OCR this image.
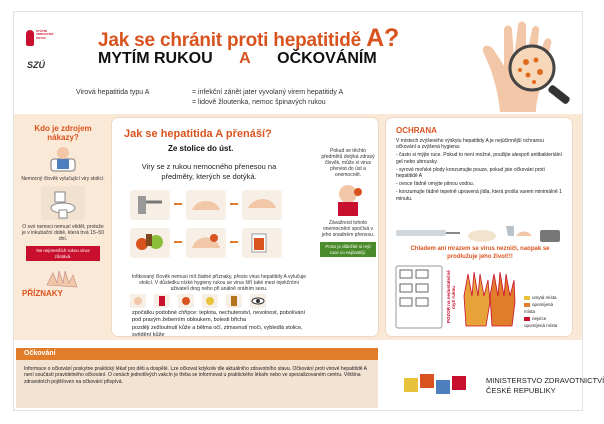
STÁTNÍ ZDRAVOTNÍ ÚSTAV
SZÚ
Jak se chránit proti hepatitidě A?
MYTÍM RUKOU A OČKOVÁNÍM
Virová hepatitida typu A	= infekční zánět jater vyvolaný virem hepatitidy A
= lidově žloutenka, nemoc špinavých rukou
Kdo je zdrojem nákazy?
Nemocný člověk vylučující viry stolicí.
O své nemoci nemusí vědět, protože je v inkubační době, která trvá 15–50 dní.
Ne nejmenších rukou virus zůstává.
PŘÍZNAKY
Jak se hepatitida A přenáší?
Ze stolice do úst.
Viry se z rukou nemocného přenesou na předměty, kterých se dotýká.
Pokud se těchto předmětů dotýká zdravý člověk, může si virus přenést do úst a onemocnět.
Závažnost tohoto onemocnění spočívá v jeho snadném přenosu.
Proto je důležité si mýt ruce co nejčastěji.
Infikovaný člověk nemusí mít žádné příznaky, přesto virus hepatitidy A vylučuje stolicí. V důsledku nízké hygieny rukou se virus šíří také mezi injekčními uživateli drog nebo při análně orálním sexu.
zpočátku podobné chřipce: teplota, nechutenství, nevolnost, pobolívání pod pravým žeberním obloukem, bolesti břicha
později zežloutnutí kůže a bělma očí, ztmavnutí moči, vybledlá stolice, svědění kůže
OCHRANA
V místech zvýšeného výskytu hepatitidy A je nejúčinnější ochranou očkování a zvýšená hygiena:
- často si mýjte ruce. Pokud to není možné, použijte alespoň antibakteriální gel nebo ubrousky.
- syrové mořské plody konzumujte pouze, pokud jste očkováni proti hepatitidě A
- ovoce řádně omyjte pitnou vodou.
- konzumujte řádně tepelně upravená jídla, která prošla varem minimálně 1 minutu.
Chladem ani mrazem se virus nezničí, naopak se prodlužuje jeho život!!!
POZOR na nedostatečné mytí rukou	umytá místa
opomíjená místa
nejvíce opomíjená místa
Očkování
Informace o očkování poskytne praktický lékař pro děti a dospělé. Lze očkovat kdykoliv dle aktuálního zdravotního stavu. Očkování proti virové hepatitidě A není součástí pravidelného očkování. O cenách jednotlivých vakcín je třeba se informovat u praktického lékaře nebo ve specializovaném centru. Většina zdravotních pojišťoven na očkování přispívá.	MINISTERSTVO ZDRAVOTNICTVÍ
ČESKÉ REPUBLIKY
